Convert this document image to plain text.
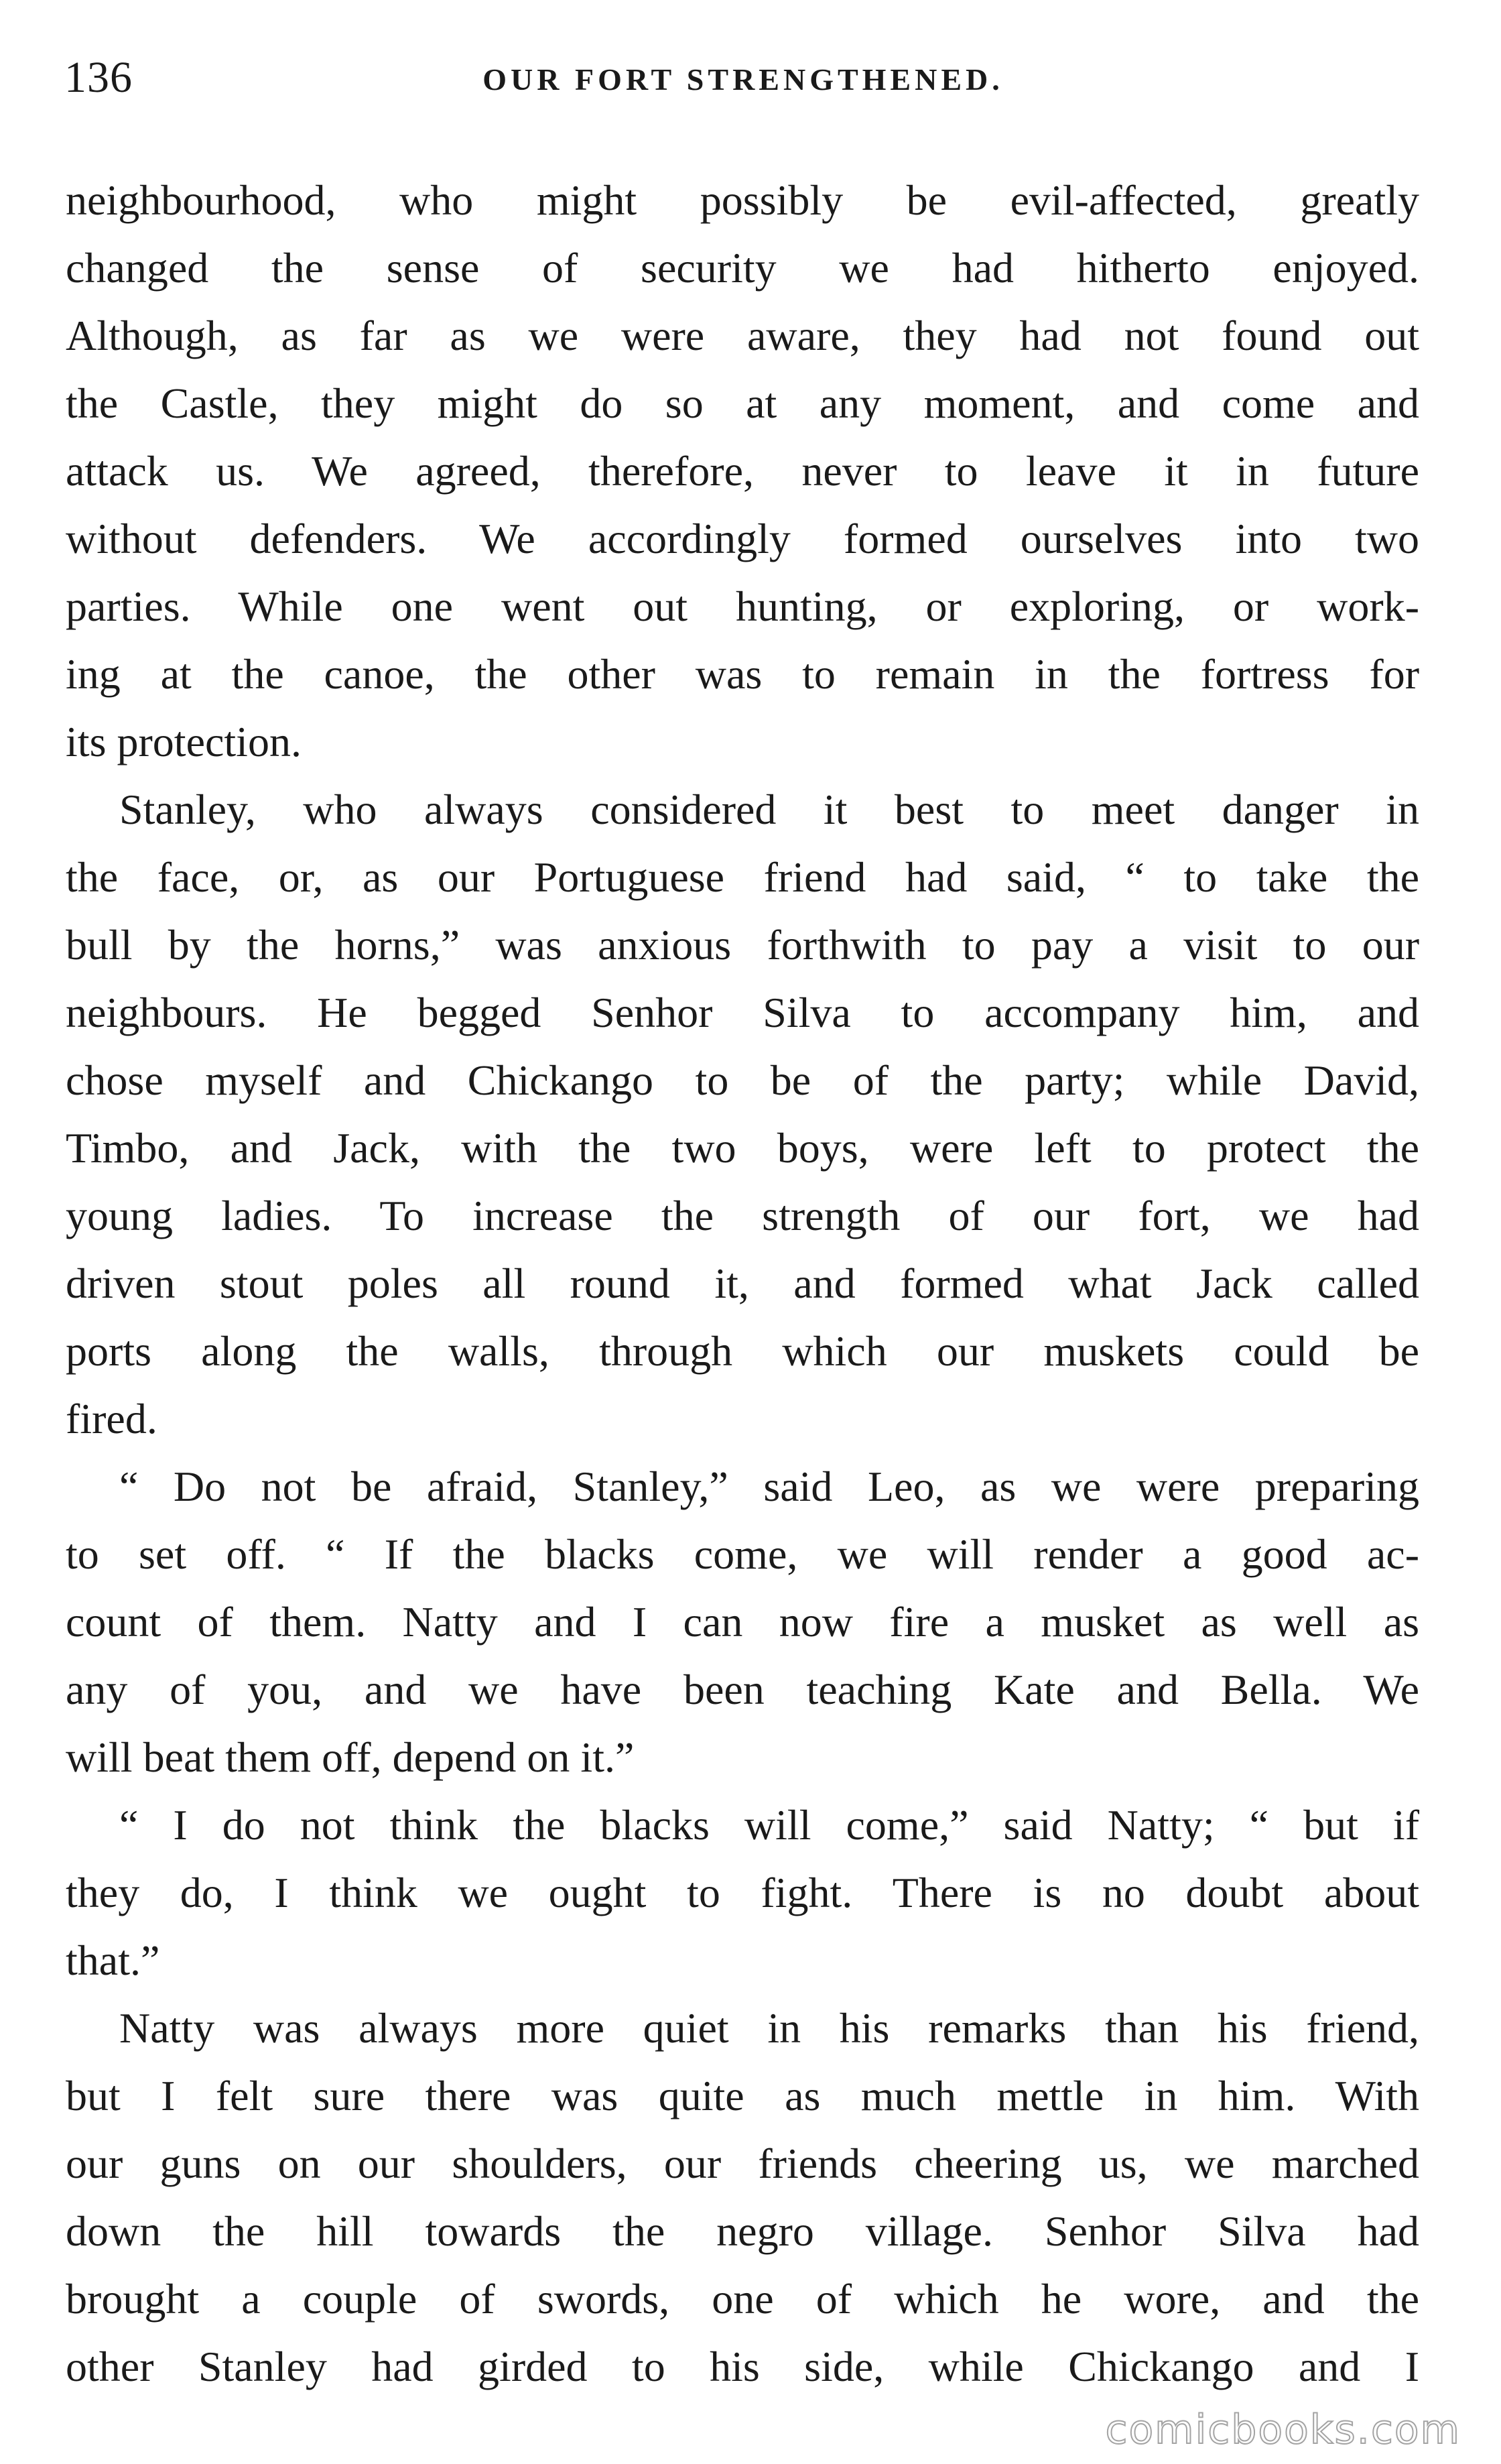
136	OUR FORT STRENGTHENED.

neighbourhood, who might possibly be evil-affected, greatly
changed the sense of security we had hitherto enjoyed.
Although, as far as we were aware, they had not found out
the Castle, they might do so at any moment, and come and
attack us. We agreed, therefore, never to leave it in future
without defenders. We accordingly formed ourselves into two
parties. While one went out hunting, or exploring, or work-
ing at the canoe, the other was to remain in the fortress for
its protection.

Stanley, who always considered it best to meet danger in
the face, or, as our Portuguese friend had said, “ to take the
bull by the horns,” was anxious forthwith to pay a visit to our
neighbours. He begged Senhor Silva to accompany him, and
chose myself and Chickango to be of the party; while David,
Timbo, and Jack, with the two boys, were left to protect the
young ladies. To increase the strength of our fort, we had
driven stout poles all round it, and formed what Jack called
ports along the walls, through which our muskets could be
fired.

“ Do not be afraid, Stanley,” said Leo, as we were preparing
to set off. “ If the blacks come, we will render a good ac-
count of them. Natty and I can now fire a musket as well as
any of you, and we have been teaching Kate and Bella. We
will beat them off, depend on it.”

“ I do not think the blacks will come,” said Natty; “ but if
they do, I think we ought to fight. There is no doubt about
that.”

Natty was always more quiet in his remarks than his friend,
but I felt sure there was quite as much mettle in him. With
our guns on our shoulders, our friends cheering us, we marched
down the hill towards the negro village. Senhor Silva had
brought a couple of swords, one of which he wore, and the
other Stanley had girded to his side, while Chickango and I

comicbooks.com
